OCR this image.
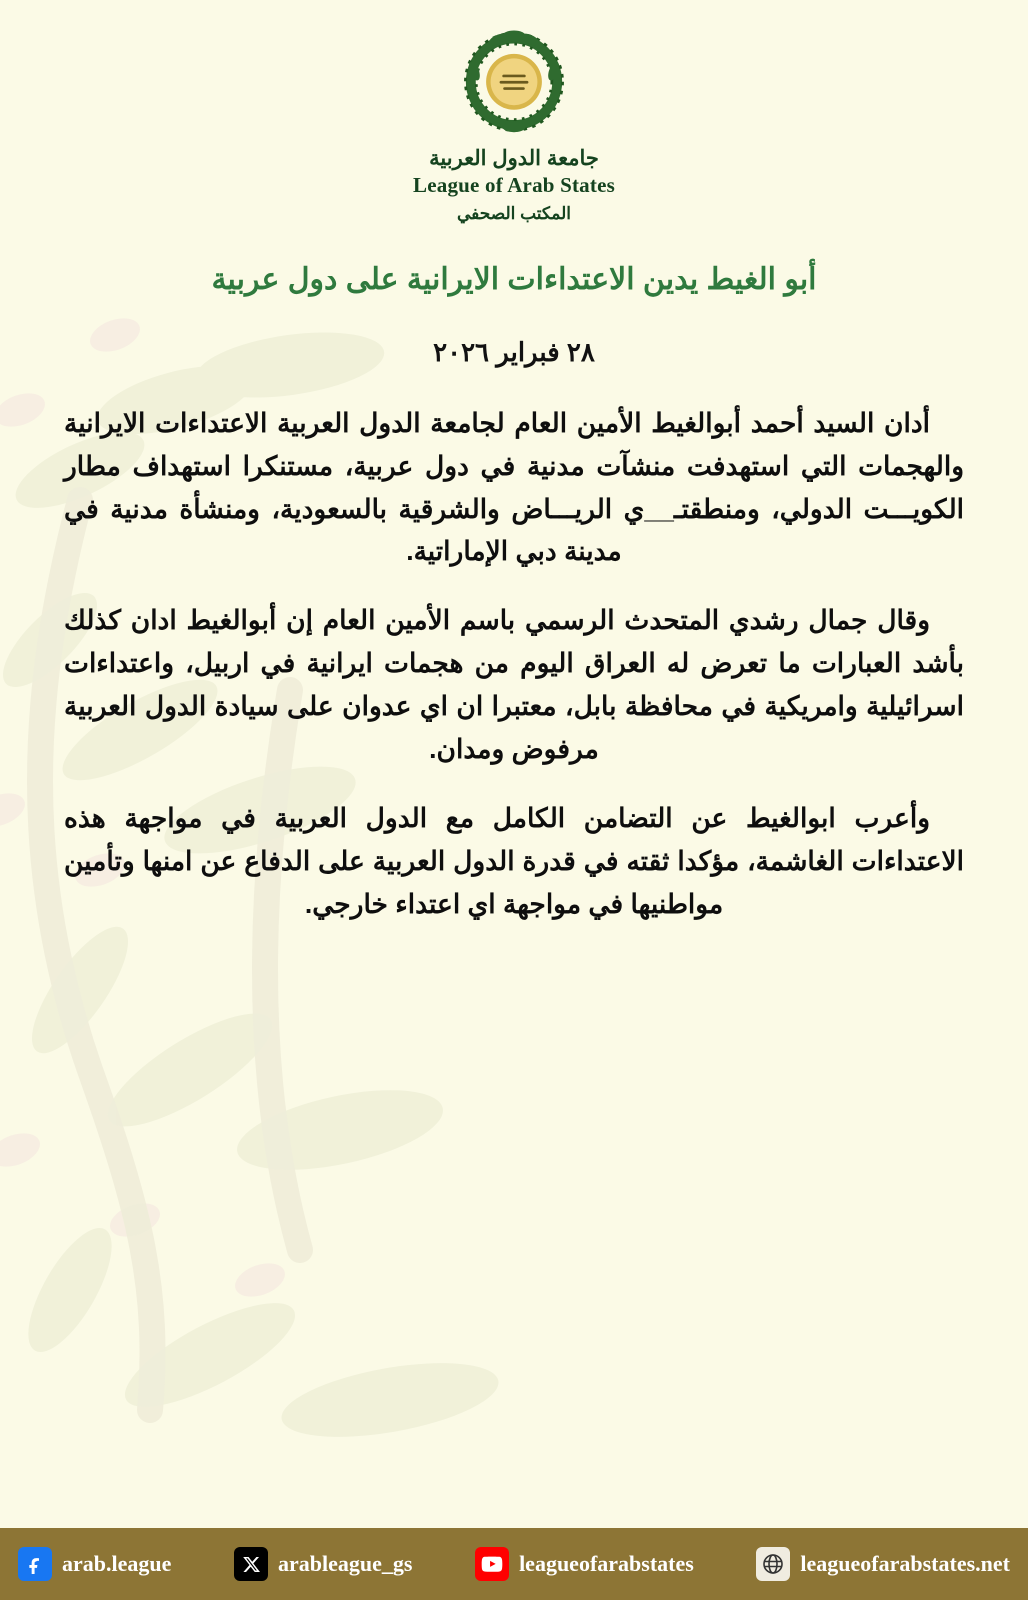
جامعة الدول العربية
League of Arab States
المكتب الصحفي
أبو الغيط يدين الاعتداءات الايرانية على دول عربية
٢٨ فبراير ٢٠٢٦

أدان السيد أحمد أبوالغيط الأمين العام لجامعة الدول العربية الاعتداءات الايرانية والهجمات التي استهدفت منشآت مدنية في دول عربية، مستنكرا استهداف مطار الكويـــت الدولي، ومنطقتـ__ي الريـــاض والشرقية بالسعودية، ومنشأة مدنية في مدينة دبي الإماراتية.

وقال جمال رشدي المتحدث الرسمي باسم الأمين العام إن أبوالغيط ادان كذلك بأشد العبارات ما تعرض له العراق اليوم من هجمات ايرانية في اربيل، واعتداءات اسرائيلية وامريكية في محافظة بابل، معتبرا ان اي عدوان على سيادة الدول العربية مرفوض ومدان.

وأعرب ابوالغيط عن التضامن الكامل مع الدول العربية في مواجهة هذه الاعتداءات الغاشمة، مؤكدا ثقته في قدرة الدول العربية على الدفاع عن امنها وتأمين مواطنيها في مواجهة اي اعتداء خارجي.

arab.league	arableague_gs	leagueofarabstates	leagueofarabstates.net
